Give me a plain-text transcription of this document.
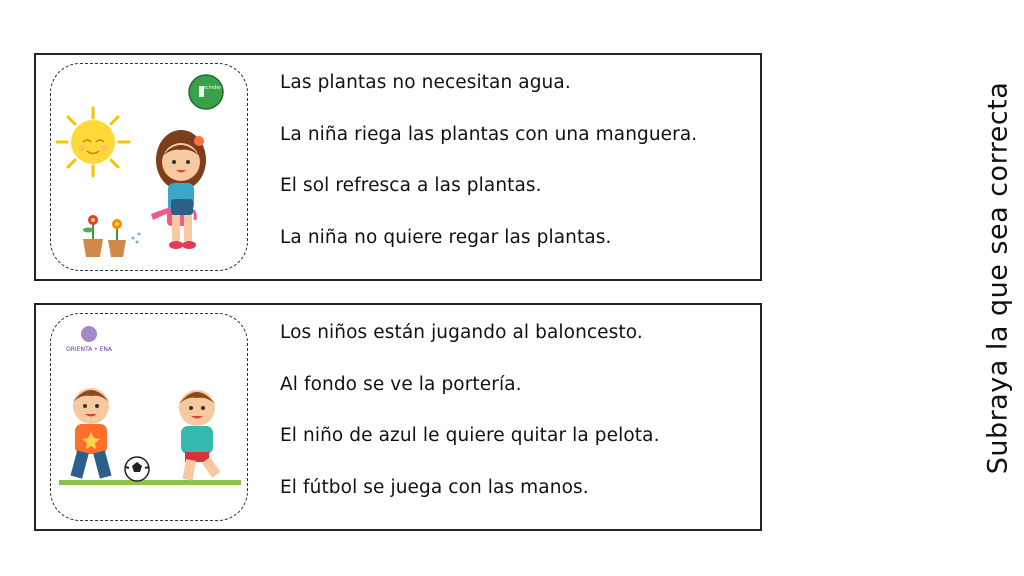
ecinder	Las plantas no necesitan agua.
La niña riega las plantas con una manguera.
El sol refresca a las plantas.
La niña no quiere regar las plantas.
ORIENTA • ENA
Los niños están jugando al baloncesto.
Al fondo se ve la portería.
El niño de azul le quiere quitar la pelota.
El fútbol se juega con las manos.
Subraya la que sea correcta
